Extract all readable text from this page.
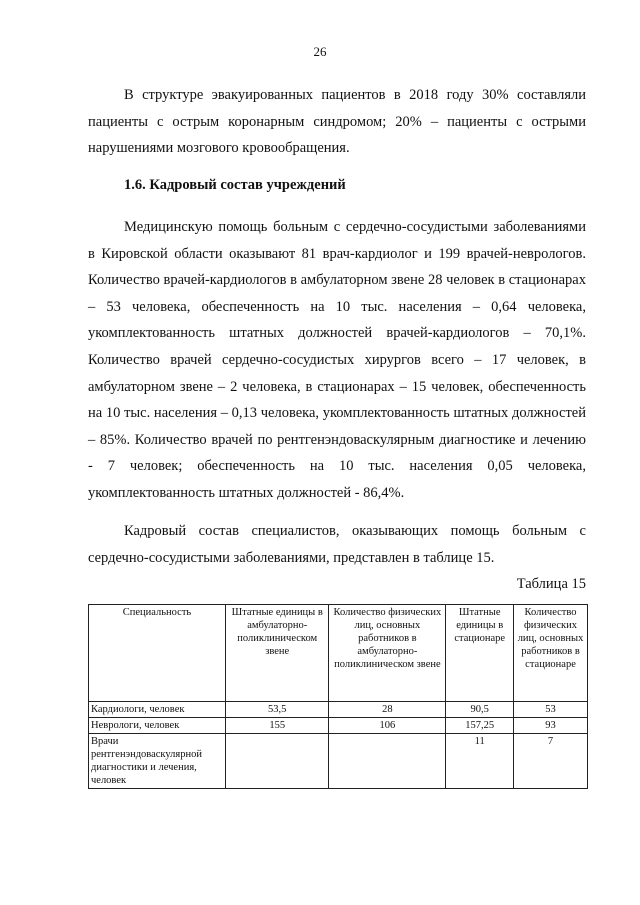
26

В структуре эвакуированных пациентов в 2018 году 30% составляли пациенты с острым коронарным синдромом; 20% – пациенты с острыми нарушениями мозгового кровообращения.

1.6. Кадровый состав учреждений

Медицинскую помощь больным с сердечно-сосудистыми заболеваниями в Кировской области оказывают 81 врач-кардиолог и 199 врачей-неврологов. Количество врачей-кардиологов в амбулаторном звене 28 человек в стационарах – 53 человека, обеспеченность на 10 тыс. населения – 0,64 человека, укомплектованность штатных должностей врачей-кардиологов – 70,1%. Количество врачей сердечно-сосудистых хирургов всего – 17 человек, в амбулаторном звене – 2 человека, в стационарах – 15 человек, обеспеченность на 10 тыс. населения – 0,13 человека, укомплектованность штатных должностей – 85%. Количество врачей по рентгенэндоваскулярным диагностике и лечению - 7 человек; обеспеченность на 10 тыс. населения 0,05 человека, укомплектованность штатных должностей - 86,4%.

Кадровый состав специалистов, оказывающих помощь больным с сердечно-сосудистыми заболеваниями, представлен в таблице 15.

Таблица 15
Специальность	Штатные единицы в амбулаторно-поликлиническом звене	Количество физических лиц, основных работников в амбулаторно-поликлиническом звене	Штатные единицы в стационаре	Количество физических лиц, основных работников в стационаре
Кардиологи, человек	53,5	28	90,5	53
Неврологи, человек	155	106	157,25	93
Врачи рентгенэндоваскулярной диагностики и лечения, человек			11	7
